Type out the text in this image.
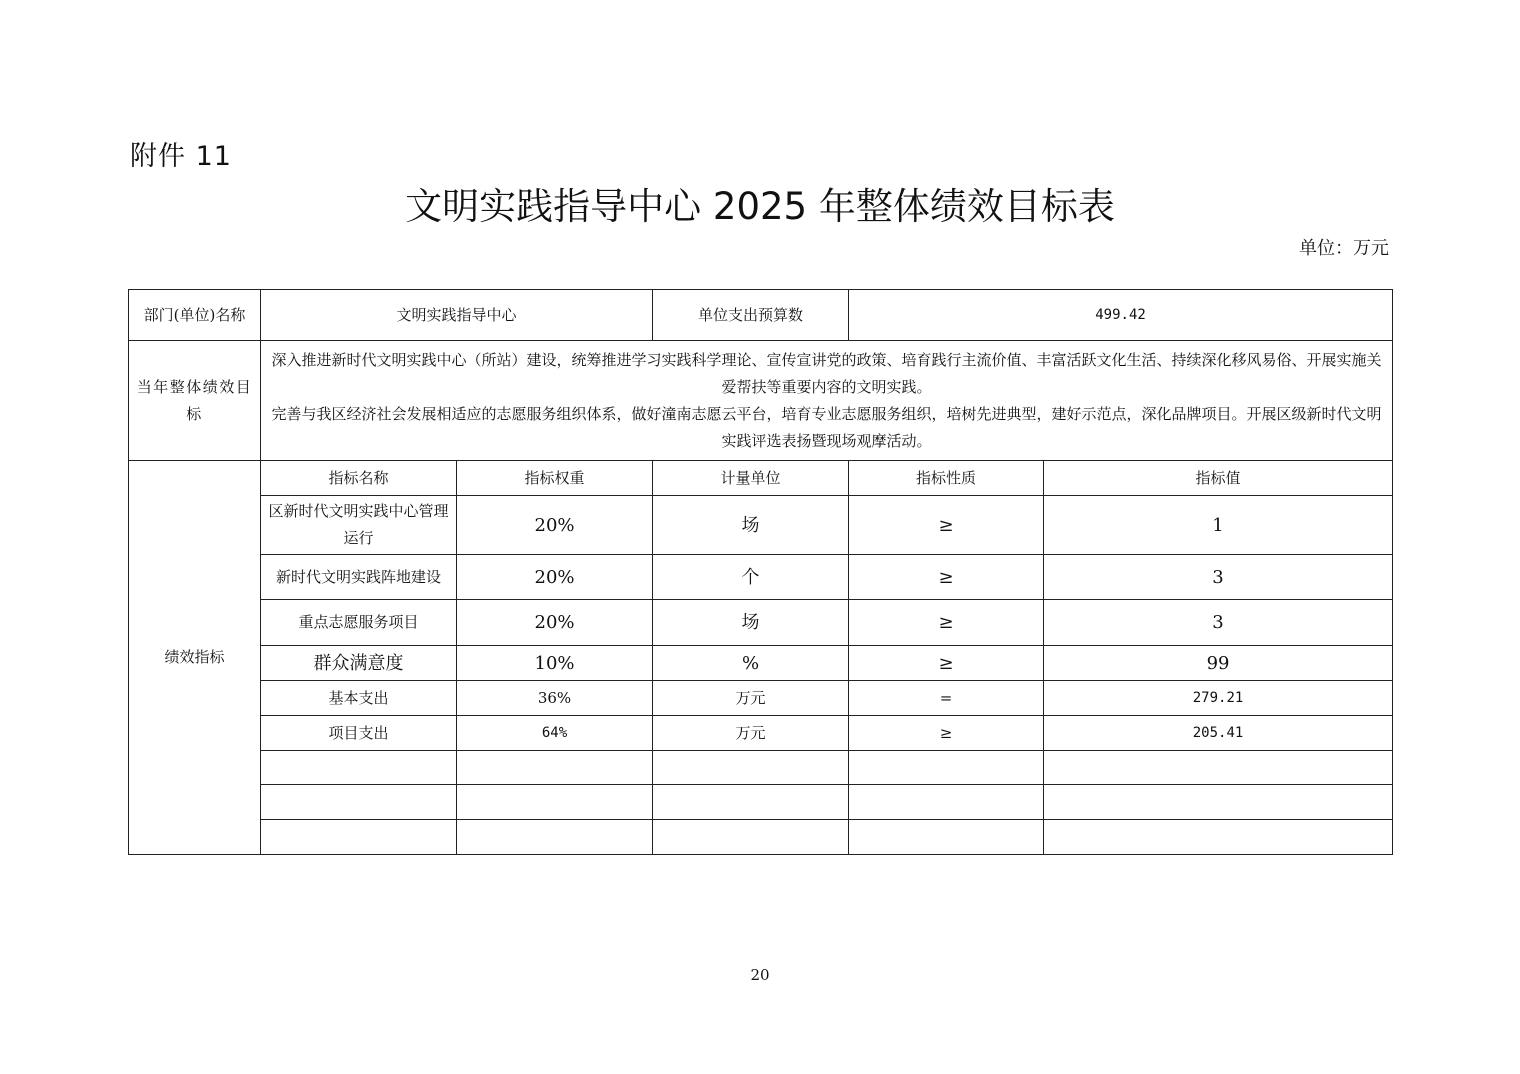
附件 11
文明实践指导中心 2025 年整体绩效目标表
单位：万元
部门(单位)名称	文明实践指导中心		单位支出预算数	499.42	
当年整体绩效目标	深入推进新时代文明实践中心（所站）建设，统筹推进学习实践科学理论、宣传宣讲党的政策、培育践行主流价值、丰富活跃文化生活、持续深化移风易俗、开展实施关爱帮扶等重要内容的文明实践。

完善与我区经济社会发展相适应的志愿服务组织体系，做好潼南志愿云平台，培育专业志愿服务组织，培树先进典型，建好示范点，深化品牌项目。开展区级新时代文明实践评选表扬暨现场观摩活动。				

绩效指标	指标名称	指标权重	计量单位	指标性质	指标值
	区新时代文明实践中心管理运行	20%	场	≥	1
	新时代文明实践阵地建设	20%	个	≥	3
	重点志愿服务项目	20%	场	≥	3
	群众满意度	10%	%	≥	99
	基本支出	36%	万元	=	279.21
	项目支出	64%	万元	≥	205.41

20
